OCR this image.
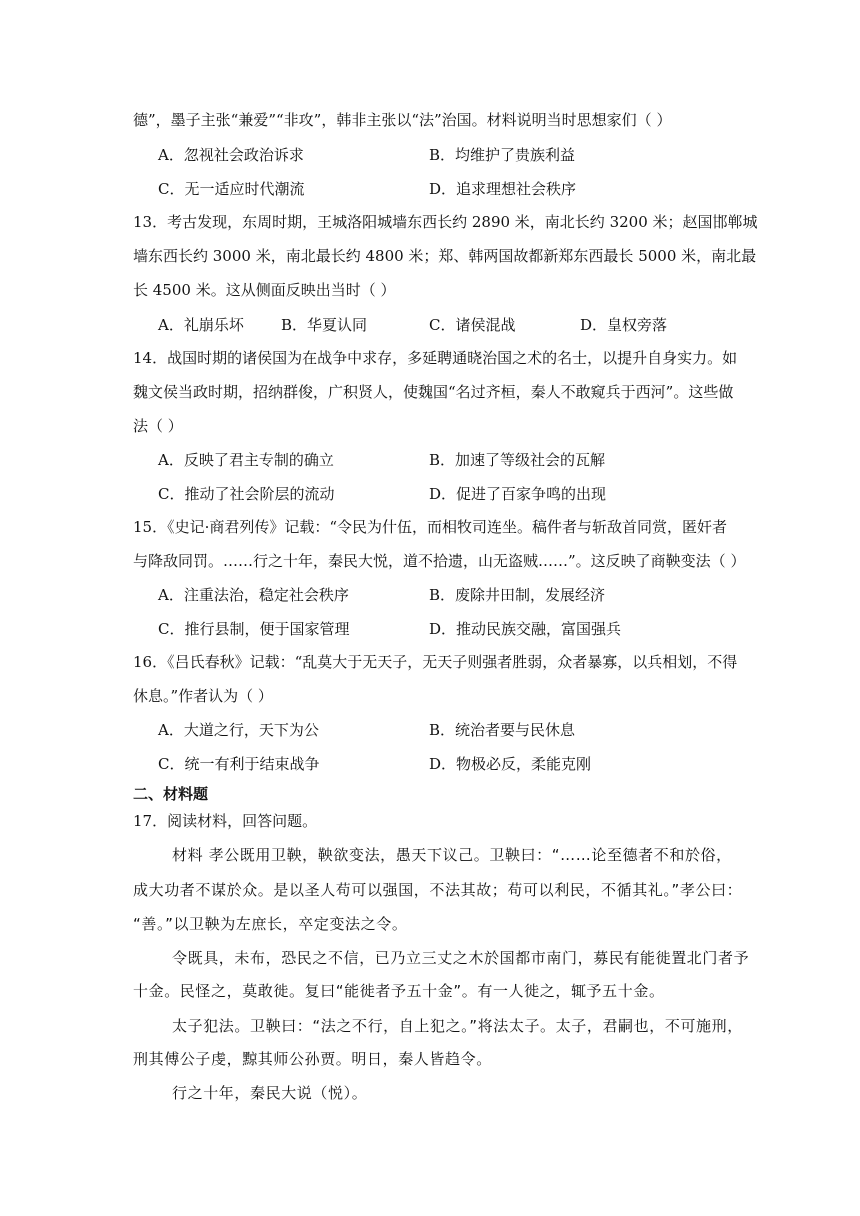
德”，墨子主张“兼爱”“非攻”，韩非主张以“法”治国。材料说明当时思想家们（ ）
A．忽视社会政治诉求	B．均维护了贵族利益
C．无一适应时代潮流	D．追求理想社会秩序
13．考古发现，东周时期，王城洛阳城墙东西长约 2890 米，南北长约 3200 米；赵国邯郸城
墙东西长约 3000 米，南北最长约 4800 米；郑、韩两国故都新郑东西最长 5000 米，南北最
长 4500 米。这从侧面反映出当时（ ）
A．礼崩乐坏 B．华夏认同	C．诸侯混战	D．皇权旁落
14．战国时期的诸侯国为在战争中求存，多延聘通晓治国之术的名士，以提升自身实力。如
魏文侯当政时期，招纳群俊，广积贤人，使魏国“名过齐桓，秦人不敢窥兵于西河”。这些做
法（ ）
A．反映了君主专制的确立	B．加速了等级社会的瓦解
C．推动了社会阶层的流动	D．促进了百家争鸣的出现
15．《史记·商君列传》记载：“令民为什伍，而相牧司连坐。稿件者与斩敌首同赏，匿奸者
与降敌同罚。……行之十年，秦民大悦，道不拾遗，山无盗贼……”。这反映了商鞅变法（ ）
A．注重法治，稳定社会秩序	B．废除井田制，发展经济
C．推行县制，便于国家管理	D．推动民族交融，富国强兵
16．《吕氏春秋》记载：“乱莫大于无天子，无天子则强者胜弱，众者暴寡，以兵相划，不得
休息。”作者认为（ ）
A．大道之行，天下为公	B．统治者要与民休息
C．统一有利于结束战争	D．物极必反，柔能克刚
二、材料题
17．阅读材料，回答问题。
材料 孝公既用卫鞅，鞅欲变法，愚天下议己。卫鞅曰：“……论至德者不和於俗，
成大功者不谋於众。是以圣人苟可以强国，不法其故；苟可以利民，不循其礼。”孝公曰：
“善。”以卫鞅为左庶长，卒定变法之令。
令既具，未布，恐民之不信，已乃立三丈之木於国都市南门，募民有能徙置北门者予
十金。民怪之，莫敢徙。复曰“能徙者予五十金”。有一人徙之，辄予五十金。
太子犯法。卫鞅曰：“法之不行，自上犯之。”将法太子。太子，君嗣也，不可施刑，
刑其傅公子虔，黥其师公孙贾。明日，秦人皆趋令。
行之十年，秦民大说（悦）。
